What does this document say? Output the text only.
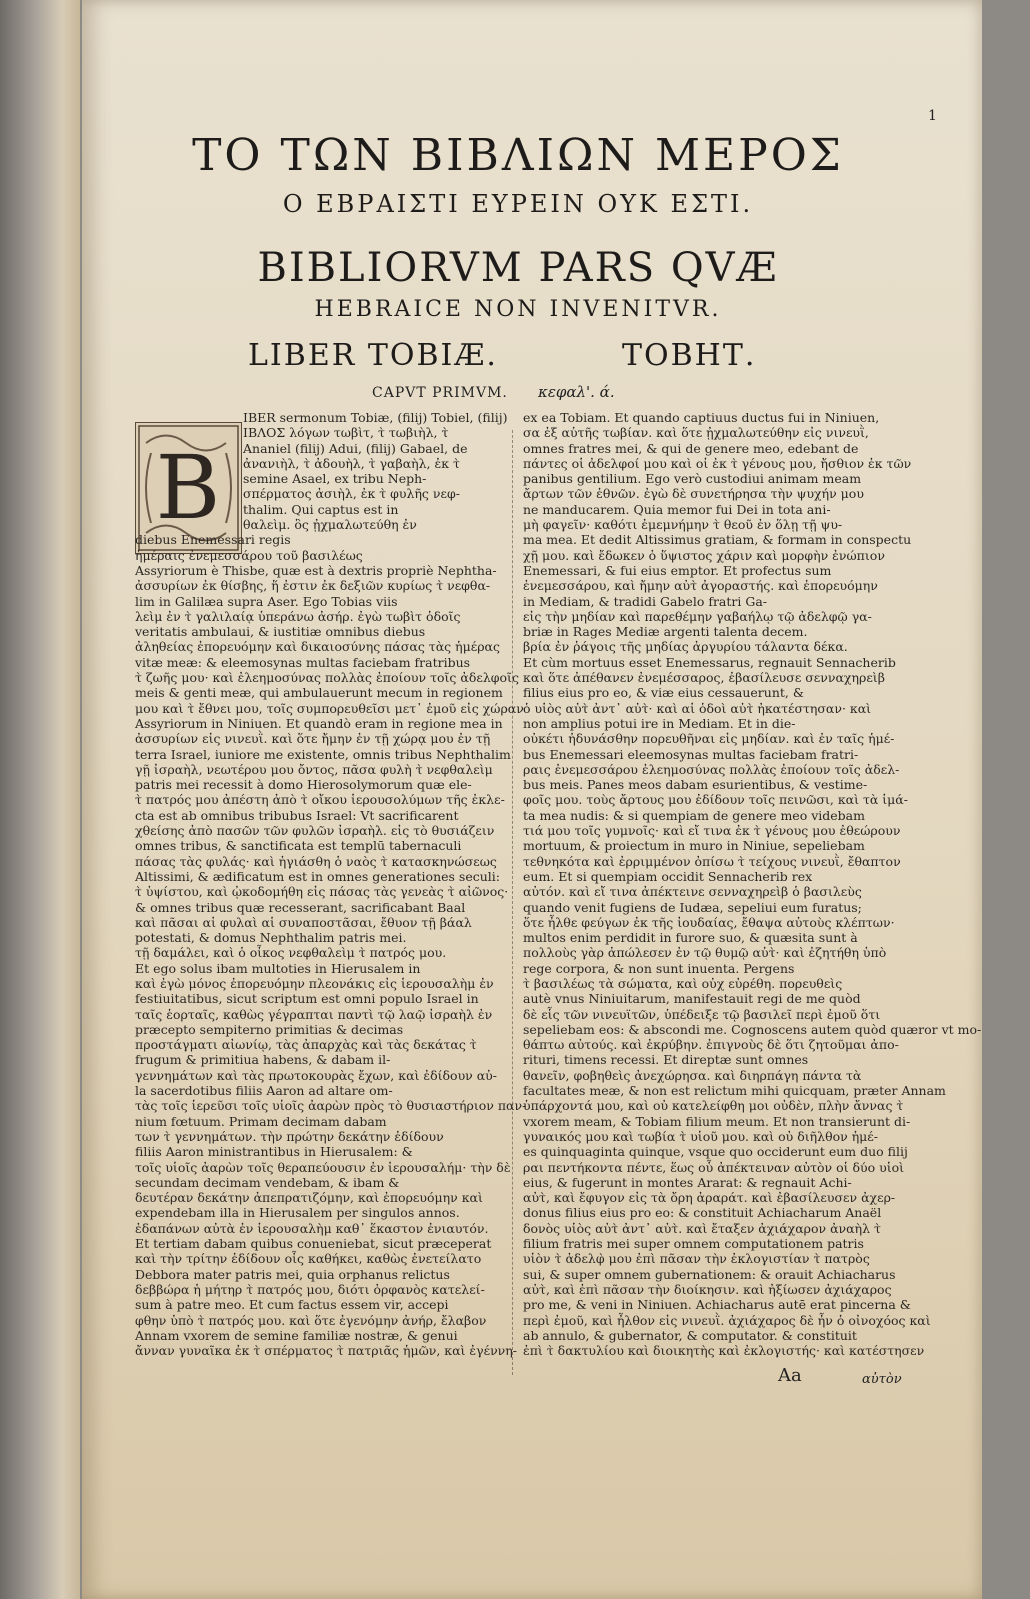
1
ΤΟ ΤΩΝ ΒΙΒΛΙΩΝ ΜΕΡΟΣ
Ο ΕΒΡΑΙΣΤΙ ΕΥΡΕΙΝ ΟΥΚ ΕΣΤΙ.
BIBLIORVM PARS QVÆ
HEBRAICE NON INVENITVR.
LIBER TOBIÆ.	ΤΟΒΗΤ.
CAPVT PRIMVM. κεφαλ'. ά.
B
IBER sermonum Tobiæ, (filij) Tobiel, (filij)
ΙΒΛΟΣ λόγων τωβὶτ, τ̀ τωβιὴλ, τ̀
Ananiel (filij) Adui, (filij) Gabael, de
ἀνανιὴλ, τ̀ ἀδουὴλ, τ̀ γαβαὴλ, ἐκ τ̀
semine Asael, ex tribu Neph-
σπέρματος ἀσιὴλ, ἐκ τ̀ φυλῆς νεφ-
thalim. Qui captus est in
θαλεὶμ. ὃς ᾐχμαλωτεύθη ἐν
diebus Enemessari regis
ἡμέραις ἐνεμεσσάρου τοῦ βασιλέως
Assyriorum è Thisbe, quæ est à dextris propriè Nephtha-
ἀσσυρίων ἐκ θίσβης, ἥ ἐστιν ἐκ δεξιῶν κυρίως τ̀ νεφθα-
lim in Galilæa supra Aser. Ego Tobias viis
λεὶμ ἐν τ̀ γαλιλαίᾳ ὑπεράνω ἀσήρ. ἐγὼ τωβὶτ ὁδοῖς
veritatis ambulaui, & iustitiæ omnibus diebus
ἀληθείας ἐπορευόμην καὶ δικαιοσύνης πάσας τὰς ἡμέρας
vitæ meæ: & eleemosynas multas faciebam fratribus
τ̀ ζωῆς μου· καὶ ἐλεημοσύνας πολλὰς ἐποίουν τοῖς ἀδελφοῖς
meis & genti meæ, qui ambulauerunt mecum in regionem
μου καὶ τ̀ ἔθνει μου, τοῖς συμπορευθεῖσι μετ᾿ ἐμοῦ εἰς χώραν
Assyriorum in Niniuen. Et quandò eram in regione mea in
ἀσσυρίων εἰς νινευῒ. καὶ ὅτε ἤμην ἐν τῇ χώρᾳ μου ἐν τῇ
terra Israel, iuniore me existente, omnis tribus Nephthalim
γῇ ἰσραὴλ, νεωτέρου μου ὄντος, πᾶσα φυλὴ τ̀ νεφθαλεὶμ
patris mei recessit à domo Hierosolymorum quæ ele-
τ̀ πατρός μου ἀπέστη ἀπὸ τ̀ οἴκου ἱερουσολύμων τῆς ἐκλε-
cta est ab omnibus tribubus Israel: Vt sacrificarent
χθείσης ἀπὸ πασῶν τῶν φυλῶν ἰσραὴλ. εἰς τὸ θυσιάζειν
omnes tribus, & sanctificata est templū tabernaculi
πάσας τὰς φυλάς· καὶ ἡγιάσθη ὁ ναὸς τ̀ κατασκηνώσεως
Altissimi, & ædificatum est in omnes generationes seculi:
τ̀ ὑψίστου, καὶ ᾠκοδομήθη εἰς πάσας τὰς γενεὰς τ̀ αἰῶνος·
& omnes tribus quæ recesserant, sacrificabant Baal
καὶ πᾶσαι αἱ φυλαὶ αἱ συναποστᾶσαι, ἔθυον τῇ βάαλ
potestati, & domus Nephthalim patris mei.
τῇ δαμάλει, καὶ ὁ οἶκος νεφθαλεὶμ τ̀ πατρός μου.
Et ego solus ibam multoties in Hierusalem in
καὶ ἐγὼ μόνος ἐπορευόμην πλεονάκις εἰς ἱερουσαλὴμ ἐν
festiuitatibus, sicut scriptum est omni populo Israel in
ταῖς ἑορταῖς, καθὼς γέγραπται παντὶ τῷ λαῷ ἰσραὴλ ἐν
præcepto sempiterno primitias & decimas
προστάγματι αἰωνίῳ, τὰς ἀπαρχὰς καὶ τὰς δεκάτας τ̀
frugum & primitiua habens, & dabam il-
γεννημάτων καὶ τὰς πρωτοκουρὰς ἔχων, καὶ ἐδίδουν αὐ-
la sacerdotibus filiis Aaron ad altare om-
τὰς τοῖς ἱερεῦσι τοῖς υἱοῖς ἀαρὼν πρὸς τὸ θυσιαστήριον παν-
nium fœtuum. Primam decimam dabam
των τ̀ γεννημάτων. τὴν πρώτην δεκάτην ἐδίδουν
filiis Aaron ministrantibus in Hierusalem: &
τοῖς υἱοῖς ἀαρὼν τοῖς θεραπεύουσιν ἐν ἱερουσαλήμ· τὴν δὲ
secundam decimam vendebam, & ibam &
δευτέραν δεκάτην ἀπεπρατιζόμην, καὶ ἐπορευόμην καὶ
expendebam illa in Hierusalem per singulos annos.
ἐδαπάνων αὐτὰ ἐν ἱερουσαλὴμ καθ᾿ ἕκαστον ἐνιαυτόν.
Et tertiam dabam quibus conueniebat, sicut præceperat
καὶ τὴν τρίτην ἐδίδουν οἷς καθήκει, καθὼς ἐνετείλατο
Debbora mater patris mei, quia orphanus relictus
δεββώρα ἡ μήτηρ τ̀ πατρός μου, διότι ὀρφανὸς κατελεί-
sum à patre meo. Et cum factus essem vir, accepi
φθην ὑπὸ τ̀ πατρός μου. καὶ ὅτε ἐγενόμην ἀνήρ, ἔλαβον
Annam vxorem de semine familiæ nostræ, & genui
ἄνναν γυναῖκα ἐκ τ̀ σπέρματος τ̀ πατριᾶς ἡμῶν, καὶ ἐγέννη-
ex ea Tobiam. Et quando captiuus ductus fui in Niniuen,
σα ἐξ αὐτῆς τωβίαν. καὶ ὅτε ᾐχμαλωτεύθην εἰς νινευῒ,
omnes fratres mei, & qui de genere meo, edebant de
πάντες οἱ ἀδελφοί μου καὶ οἱ ἐκ τ̀ γένους μου, ἤσθιον ἐκ τῶν
panibus gentilium. Ego verò custodiui animam meam
ἄρτων τῶν ἐθνῶν. ἐγὼ δὲ συνετήρησα τὴν ψυχήν μου
ne manducarem. Quia memor fui Dei in tota ani-
μὴ φαγεῖν· καθότι ἐμεμνήμην τ̀ θεοῦ ἐν ὅλῃ τῇ ψυ-
ma mea. Et dedit Altissimus gratiam, & formam in conspectu
χῇ μου. καὶ ἔδωκεν ὁ ὕψιστος χάριν καὶ μορφὴν ἐνώπιον
Enemessari, & fui eius emptor. Et profectus sum
ἐνεμεσσάρου, καὶ ἤμην αὐτ̀ ἀγοραστής. καὶ ἐπορευόμην
in Mediam, & tradidi Gabelo fratri Ga-
εἰς τὴν μηδίαν καὶ παρεθέμην γαβαήλῳ τῷ ἀδελφῷ γα-
briæ in Rages Mediæ argenti talenta decem.
βρία ἐν ῥάγοις τῆς μηδίας ἀργυρίου τάλαντα δέκα.
Et cùm mortuus esset Enemessarus, regnauit Sennacherib
καὶ ὅτε ἀπέθανεν ἐνεμέσσαρος, ἐβασίλευσε σενναχηρεὶβ
filius eius pro eo, & viæ eius cessauerunt, &
ὁ υἱὸς αὐτ̀ ἀντ᾿ αὐτ̀· καὶ αἱ ὁδοὶ αὐτ̀ ἠκατέστησαν· καὶ
non amplius potui ire in Mediam. Et in die-
οὐκέτι ἠδυνάσθην πορευθῆναι εἰς μηδίαν. καὶ ἐν ταῖς ἡμέ-
bus Enemessari eleemosynas multas faciebam fratri-
ραις ἐνεμεσσάρου ἐλεημοσύνας πολλὰς ἐποίουν τοῖς ἀδελ-
bus meis. Panes meos dabam esurientibus, & vestime-
φοῖς μου. τοὺς ἄρτους μου ἐδίδουν τοῖς πεινῶσι, καὶ τὰ ἱμά-
ta mea nudis: & si quempiam de genere meo videbam
τιά μου τοῖς γυμνοῖς· καὶ εἴ τινα ἐκ τ̀ γένους μου ἐθεώρουν
mortuum, & proiectum in muro in Niniue, sepeliebam
τεθνηκότα καὶ ἐρριμμένον ὀπίσω τ̀ τείχους νινευῒ, ἔθαπτον
eum. Et si quempiam occidit Sennacherib rex
αὐτόν. καὶ εἴ τινα ἀπέκτεινε σενναχηρεὶβ ὁ βασιλεὺς
quando venit fugiens de Iudæa, sepeliui eum furatus;
ὅτε ἦλθε φεύγων ἐκ τῆς ἰουδαίας, ἔθαψα αὐτοὺς κλέπτων·
multos enim perdidit in furore suo, & quæsita sunt à
πολλοὺς γὰρ ἀπώλεσεν ἐν τῷ θυμῷ αὐτ̀· καὶ ἐζητήθη ὑπὸ
rege corpora, & non sunt inuenta. Pergens
τ̀ βασιλέως τὰ σώματα, καὶ οὐχ εὑρέθη. πορευθεὶς
autè vnus Niniuitarum, manifestauit regi de me quòd
δὲ εἷς τῶν νινευϊτῶν, ὑπέδειξε τῷ βασιλεῖ περὶ ἐμοῦ ὅτι
sepeliebam eos: & abscondi me. Cognoscens autem quòd quæror vt mo-
θάπτω αὐτούς. καὶ ἐκρύβην. ἐπιγνοὺς δὲ ὅτι ζητοῦμαι ἀπο-
rituri, timens recessi. Et direptæ sunt omnes
θανεῖν, φοβηθεὶς ἀνεχώρησα. καὶ διηρπάγη πάντα τὰ
facultates meæ, & non est relictum mihi quicquam, præter Annam
ὑπάρχοντά μου, καὶ οὐ κατελείφθη μοι οὐδὲν, πλὴν ἄννας τ̀
vxorem meam, & Tobiam filium meum. Et non transierunt di-
γυναικός μου καὶ τωβία τ̀ υἱοῦ μου. καὶ οὐ διῆλθον ἡμέ-
es quinquaginta quinque, vsque quo occiderunt eum duo filij
ραι πεντήκοντα πέντε, ἕως οὗ ἀπέκτειναν αὐτὸν οἱ δύο υἱοὶ
eius, & fugerunt in montes Ararat: & regnauit Achi-
αὐτ̀, καὶ ἔφυγον εἰς τὰ ὄρη ἀραράτ. καὶ ἐβασίλευσεν ἀχερ-
donus filius eius pro eo: & constituit Achiacharum Anaël
δονὸς υἱὸς αὐτ̀ ἀντ᾿ αὐτ̀. καὶ ἔταξεν ἀχιάχαρον ἀναὴλ τ̀
filium fratris mei super omnem computationem patris
υἱὸν τ̀ ἀδελφ̀ μου ἐπὶ πᾶσαν τὴν ἐκλογιστίαν τ̀ πατρὸς
sui, & super omnem gubernationem: & orauit Achiacharus
αὐτ̀, καὶ ἐπὶ πᾶσαν τὴν διοίκησιν. καὶ ἠξίωσεν ἀχιάχαρος
pro me, & veni in Niniuen. Achiacharus autē erat pincerna &
περὶ ἐμοῦ, καὶ ἦλθον εἰς νινευῒ. ἀχιάχαρος δὲ ἦν ὁ οἰνοχόος καὶ
ab annulo, & gubernator, & computator. & constituit
ἐπὶ τ̀ δακτυλίου καὶ διοικητὴς καὶ ἐκλογιστής· καὶ κατέστησεν
Aa	αὐτὸν
